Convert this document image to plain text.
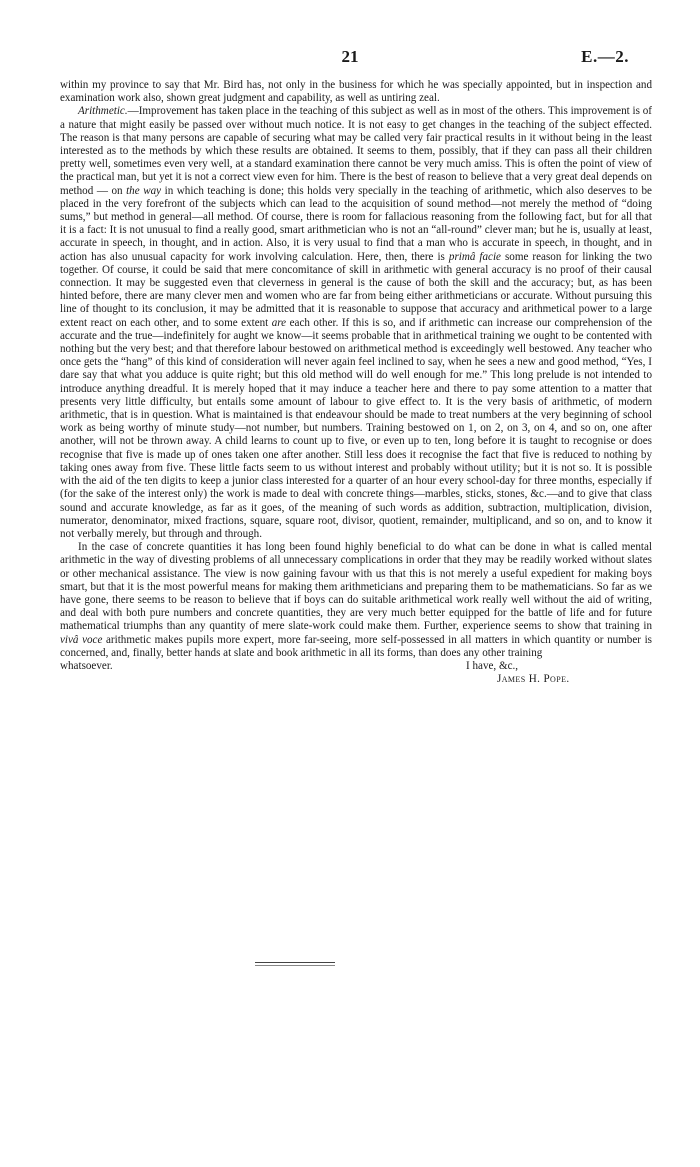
21	E.—2.

within my province to say that Mr. Bird has, not only in the business for which he was specially appointed, but in inspection and examination work also, shown great judgment and capability, as well as untiring zeal.

Arithmetic.—Improvement has taken place in the teaching of this subject as well as in most of the others. This improvement is of a nature that might easily be passed over without much notice. It is not easy to get changes in the teaching of the subject effected. The reason is that many persons are capable of securing what may be called very fair practical results in it without being in the least interested as to the methods by which these results are obtained. It seems to them, possibly, that if they can pass all their children pretty well, sometimes even very well, at a standard examination there cannot be very much amiss. This is often the point of view of the practical man, but yet it is not a correct view even for him. There is the best of reason to believe that a very great deal depends on method — on the way in which teaching is done; this holds very specially in the teaching of arithmetic, which also deserves to be placed in the very forefront of the subjects which can lead to the acquisition of sound method—not merely the method of “doing sums,” but method in general—all method. Of course, there is room for fallacious reasoning from the following fact, but for all that it is a fact: It is not unusual to find a really good, smart arithmetician who is not an “all-round” clever man; but he is, usually at least, accurate in speech, in thought, and in action. Also, it is very usual to find that a man who is accurate in speech, in thought, and in action has also unusual capacity for work involving calculation. Here, then, there is primâ facie some reason for linking the two together. Of course, it could be said that mere concomitance of skill in arithmetic with general accuracy is no proof of their causal connection. It may be suggested even that cleverness in general is the cause of both the skill and the accuracy; but, as has been hinted before, there are many clever men and women who are far from being either arithmeticians or accurate. Without pursuing this line of thought to its conclusion, it may be admitted that it is reasonable to suppose that accuracy and arithmetical power to a large extent react on each other, and to some extent are each other. If this is so, and if arithmetic can increase our comprehension of the accurate and the true—indefinitely for aught we know—it seems probable that in arithmetical training we ought to be contented with nothing but the very best; and that therefore labour bestowed on arithmetical method is exceedingly well bestowed. Any teacher who once gets the “hang” of this kind of consideration will never again feel inclined to say, when he sees a new and good method, “Yes, I dare say that what you adduce is quite right; but this old method will do well enough for me.” This long prelude is not intended to introduce anything dreadful. It is merely hoped that it may induce a teacher here and there to pay some attention to a matter that presents very little difficulty, but entails some amount of labour to give effect to. It is the very basis of arithmetic, of modern arithmetic, that is in question. What is maintained is that endeavour should be made to treat numbers at the very beginning of school work as being worthy of minute study—not number, but numbers. Training bestowed on 1, on 2, on 3, on 4, and so on, one after another, will not be thrown away. A child learns to count up to five, or even up to ten, long before it is taught to recognise or does recognise that five is made up of ones taken one after another. Still less does it recognise the fact that five is reduced to nothing by taking ones away from five. These little facts seem to us without interest and probably without utility; but it is not so. It is possible with the aid of the ten digits to keep a junior class interested for a quarter of an hour every school-day for three months, especially if (for the sake of the interest only) the work is made to deal with concrete things—marbles, sticks, stones, &c.—and to give that class sound and accurate knowledge, as far as it goes, of the meaning of such words as addition, subtraction, multiplication, division, numerator, denominator, mixed fractions, square, square root, divisor, quotient, remainder, multiplicand, and so on, and to know it not verbally merely, but through and through.

In the case of concrete quantities it has long been found highly beneficial to do what can be done in what is called mental arithmetic in the way of divesting problems of all unnecessary complications in order that they may be readily worked without slates or other mechanical assistance. The view is now gaining favour with us that this is not merely a useful expedient for making boys smart, but that it is the most powerful means for making them arithmeticians and preparing them to be mathematicians. So far as we have gone, there seems to be reason to believe that if boys can do suitable arithmetical work really well without the aid of writing, and deal with both pure numbers and concrete quantities, they are very much better equipped for the battle of life and for future mathematical triumphs than any quantity of mere slate-work could make them. Further, experience seems to show that training in vivâ voce arithmetic makes pupils more expert, more far-seeing, more self-possessed in all matters in which quantity or number is concerned, and, finally, better hands at slate and book arithmetic in all its forms, than does any other training

whatsoever.	I have, &c.,
James H. Pope.
